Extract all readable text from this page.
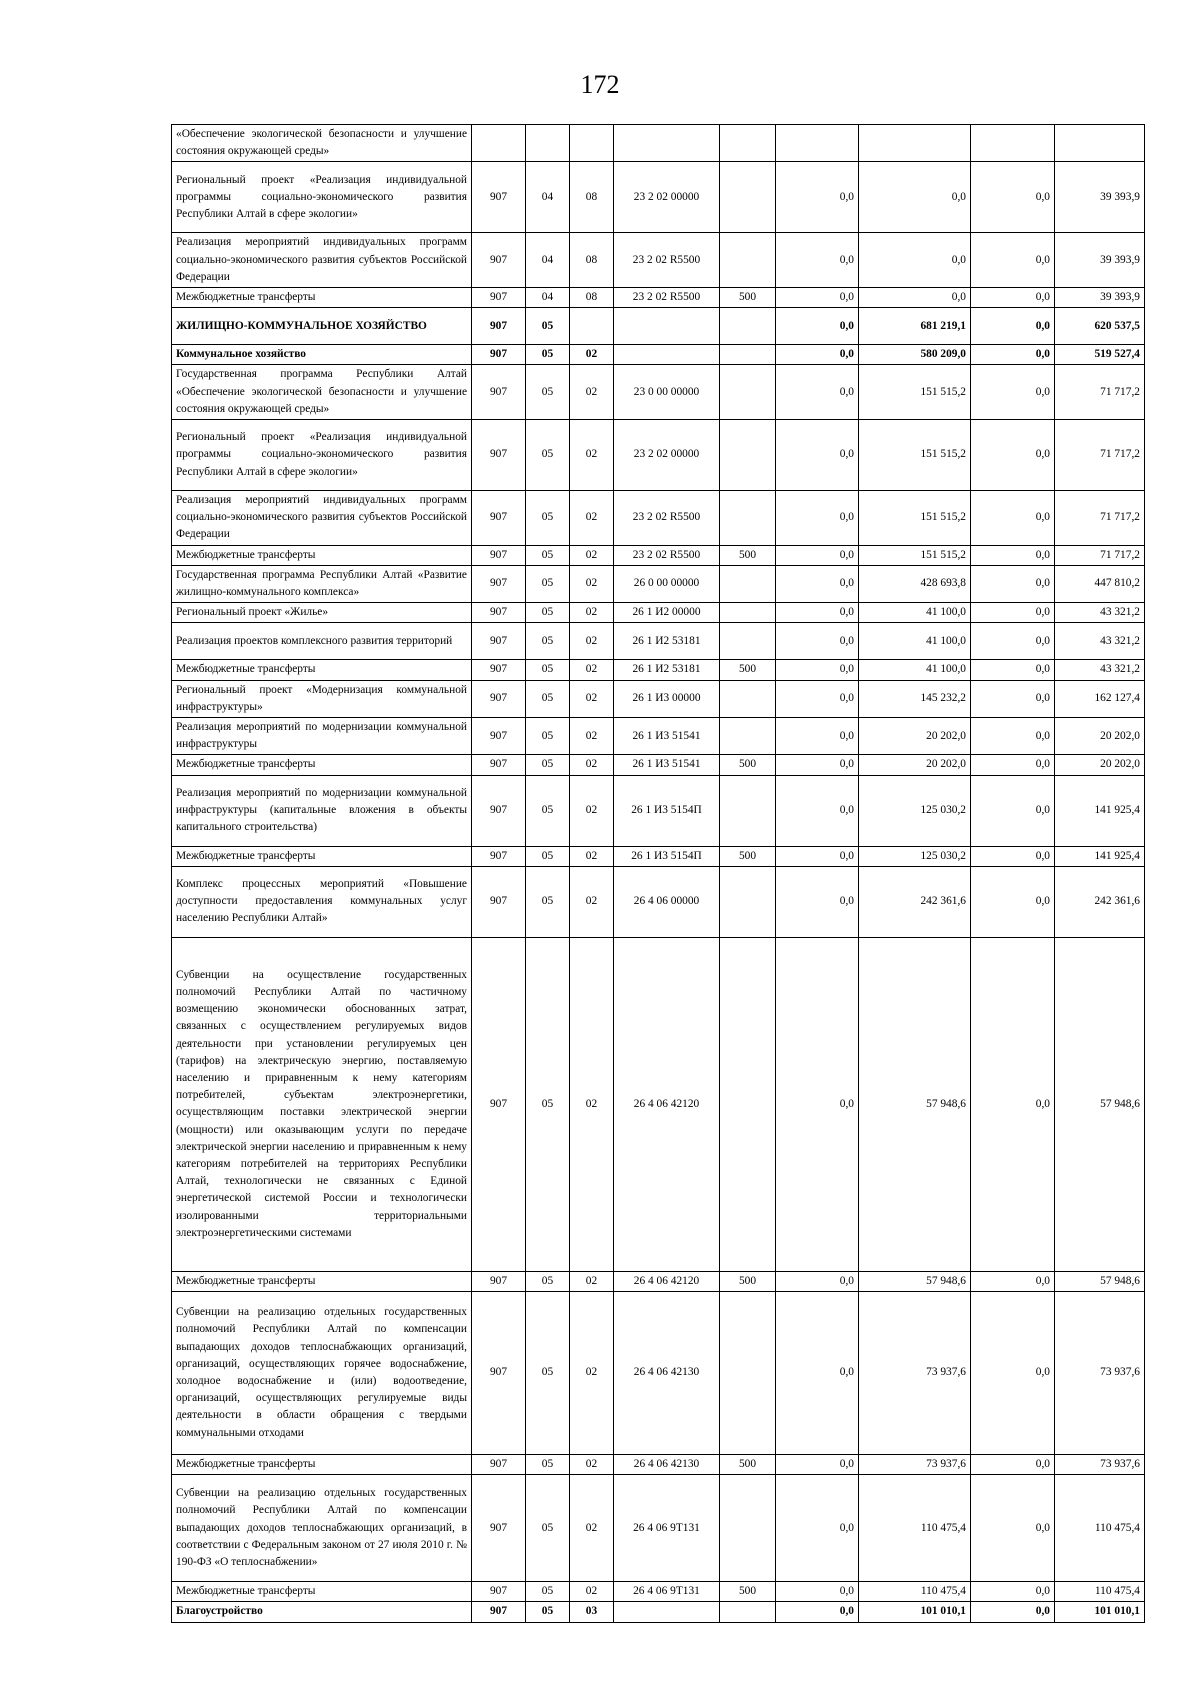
172
«Обеспечение экологической безопасности и улучшение состояния окружающей среды»									
Региональный проект «Реализация индивидуальной программы социально-экономического развития Республики Алтай в сфере экологии»	907	04	08	23 2 02 00000		0,0	0,0	0,0	39 393,9
Реализация мероприятий индивидуальных программ социально-экономического развития субъектов Российской Федерации	907	04	08	23 2 02 R5500		0,0	0,0	0,0	39 393,9
Межбюджетные трансферты	907	04	08	23 2 02 R5500	500	0,0	0,0	0,0	39 393,9
ЖИЛИЩНО-КОММУНАЛЬНОЕ ХОЗЯЙСТВО	907	05				0,0	681 219,1	0,0	620 537,5
Коммунальное хозяйство	907	05	02			0,0	580 209,0	0,0	519 527,4
Государственная программа Республики Алтай «Обеспечение экологической безопасности и улучшение состояния окружающей среды»	907	05	02	23 0 00 00000		0,0	151 515,2	0,0	71 717,2
Региональный проект «Реализация индивидуальной программы социально-экономического развития Республики Алтай в сфере экологии»	907	05	02	23 2 02 00000		0,0	151 515,2	0,0	71 717,2
Реализация мероприятий индивидуальных программ социально-экономического развития субъектов Российской Федерации	907	05	02	23 2 02 R5500		0,0	151 515,2	0,0	71 717,2
Межбюджетные трансферты	907	05	02	23 2 02 R5500	500	0,0	151 515,2	0,0	71 717,2
Государственная программа Республики Алтай «Развитие жилищно-коммунального комплекса»	907	05	02	26 0 00 00000		0,0	428 693,8	0,0	447 810,2
Региональный проект «Жилье»	907	05	02	26 1 И2 00000		0,0	41 100,0	0,0	43 321,2
Реализация проектов комплексного развития территорий	907	05	02	26 1 И2 53181		0,0	41 100,0	0,0	43 321,2
Межбюджетные трансферты	907	05	02	26 1 И2 53181	500	0,0	41 100,0	0,0	43 321,2
Региональный проект «Модернизация коммунальной инфраструктуры»	907	05	02	26 1 И3 00000		0,0	145 232,2	0,0	162 127,4
Реализация мероприятий по модернизации коммунальной инфраструктуры	907	05	02	26 1 И3 51541		0,0	20 202,0	0,0	20 202,0
Межбюджетные трансферты	907	05	02	26 1 И3 51541	500	0,0	20 202,0	0,0	20 202,0
Реализация мероприятий по модернизации коммунальной инфраструктуры (капитальные вложения в объекты капитального строительства)	907	05	02	26 1 И3 5154П		0,0	125 030,2	0,0	141 925,4
Межбюджетные трансферты	907	05	02	26 1 И3 5154П	500	0,0	125 030,2	0,0	141 925,4
Комплекс процессных мероприятий «Повышение доступности предоставления коммунальных услуг населению Республики Алтай»	907	05	02	26 4 06 00000		0,0	242 361,6	0,0	242 361,6
Субвенции на осуществление государственных полномочий Республики Алтай по частичному возмещению экономически обоснованных затрат, связанных с осуществлением регулируемых видов деятельности при установлении регулируемых цен (тарифов) на электрическую энергию, поставляемую населению и приравненным к нему категориям потребителей, субъектам электроэнергетики, осуществляющим поставки электрической энергии (мощности) или оказывающим услуги по передаче электрической энергии населению и приравненным к нему категориям потребителей на территориях Республики Алтай, технологически не связанных с Единой энергетической системой России и технологически изолированными территориальными электроэнергетическими системами	907	05	02	26 4 06 42120		0,0	57 948,6	0,0	57 948,6
Межбюджетные трансферты	907	05	02	26 4 06 42120	500	0,0	57 948,6	0,0	57 948,6
Субвенции на реализацию отдельных государственных полномочий Республики Алтай по компенсации выпадающих доходов теплоснабжающих организаций, организаций, осуществляющих горячее водоснабжение, холодное водоснабжение и (или) водоотведение, организаций, осуществляющих регулируемые виды деятельности в области обращения с твердыми коммунальными отходами	907	05	02	26 4 06 42130		0,0	73 937,6	0,0	73 937,6
Межбюджетные трансферты	907	05	02	26 4 06 42130	500	0,0	73 937,6	0,0	73 937,6
Субвенции на реализацию отдельных государственных полномочий Республики Алтай по компенсации выпадающих доходов теплоснабжающих организаций, в соответствии с Федеральным законом от 27 июля 2010 г. № 190-ФЗ «О теплоснабжении»	907	05	02	26 4 06 9Т131		0,0	110 475,4	0,0	110 475,4
Межбюджетные трансферты	907	05	02	26 4 06 9Т131	500	0,0	110 475,4	0,0	110 475,4
Благоустройство	907	05	03			0,0	101 010,1	0,0	101 010,1
